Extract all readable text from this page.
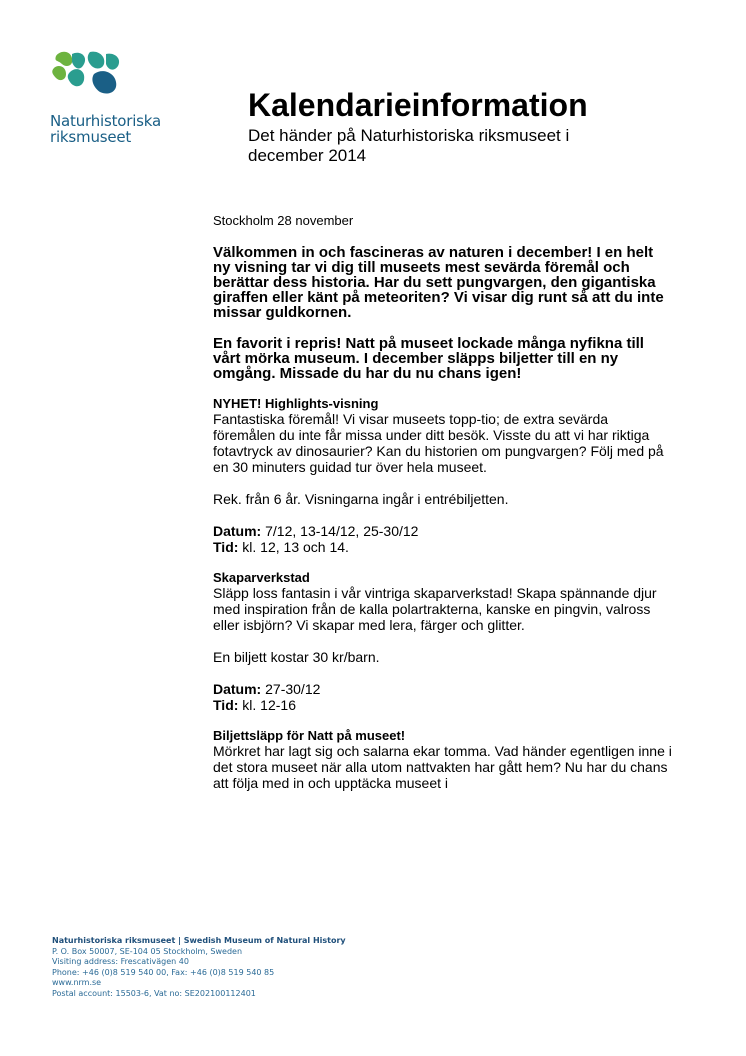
Naturhistoriska
riksmuseet
Kalendarieinformation
Det händer på Naturhistoriska riksmuseet i
december 2014
Stockholm 28 november

Välkommen in och fascineras av naturen i december! I en helt ny visning tar vi dig till museets mest sevärda föremål och berättar dess historia. Har du sett pungvargen, den gigantiska giraffen eller känt på meteoriten? Vi visar dig runt så att du inte missar guldkornen.

En favorit i repris! Natt på museet lockade många nyfikna till vårt mörka museum. I december släpps biljetter till en ny omgång. Missade du har du nu chans igen!

NYHET! Highlights-visning

Fantastiska föremål! Vi visar museets topp-tio; de extra sevärda föremålen du inte får missa under ditt besök. Visste du att vi har riktiga fotavtryck av dinosaurier? Kan du historien om pungvargen? Följ med på en 30 minuters guidad tur över hela museet.

Rek. från 6 år. Visningarna ingår i entrébiljetten.

Datum: 7/12, 13-14/12, 25-30/12
Tid: kl. 12, 13 och 14.
Skaparverkstad

Släpp loss fantasin i vår vintriga skaparverkstad! Skapa spännande djur med inspiration från de kalla polartrakterna, kanske en pingvin, valross eller isbjörn? Vi skapar med lera, färger och glitter.

En biljett kostar 30 kr/barn.

Datum: 27-30/12
Tid: kl. 12-16
Biljettsläpp för Natt på museet!

Mörkret har lagt sig och salarna ekar tomma. Vad händer egentligen inne i det stora museet när alla utom nattvakten har gått hem? Nu har du chans att följa med in och upptäcka museet i

Naturhistoriska riksmuseet | Swedish Museum of Natural History
P. O. Box 50007, SE-104 05 Stockholm, Sweden
Visiting address: Frescativägen 40
Phone: +46 (0)8 519 540 00, Fax: +46 (0)8 519 540 85
www.nrm.se
Postal account: 15503-6, Vat no: SE202100112401
